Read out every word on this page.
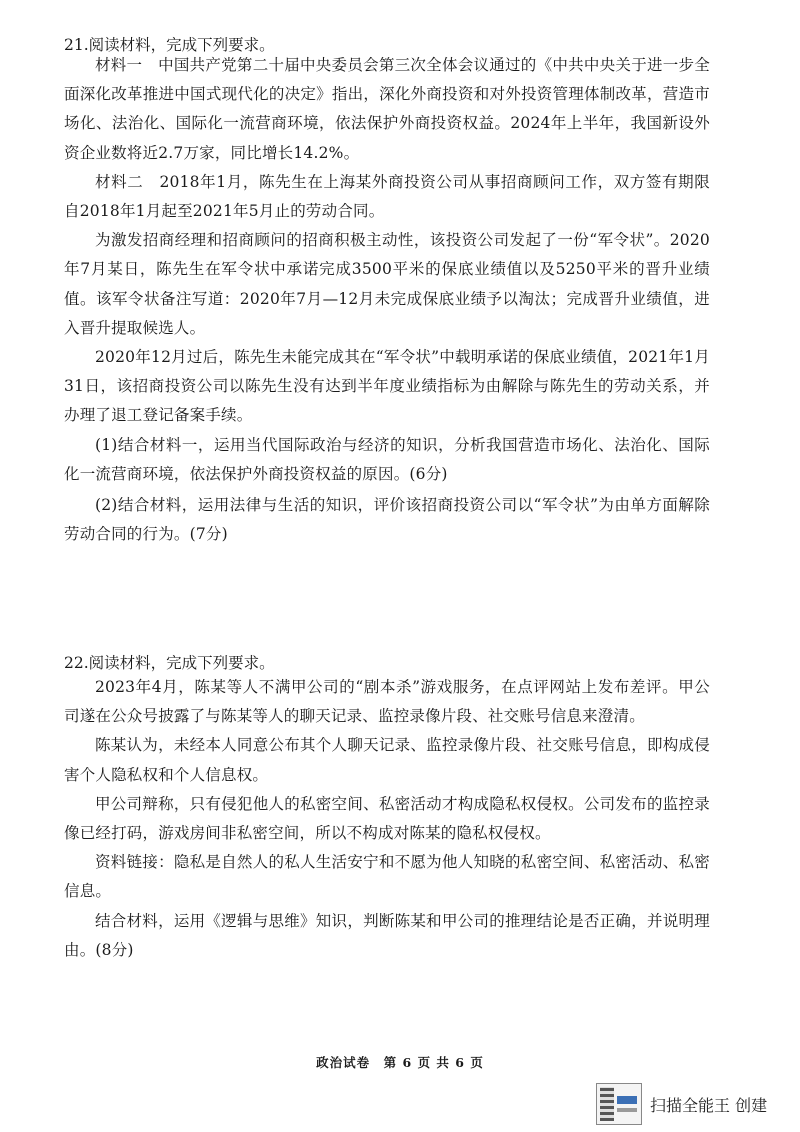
21.阅读材料，完成下列要求。

材料一　中国共产党第二十届中央委员会第三次全体会议通过的《中共中央关于进一步全面深化改革推进中国式现代化的决定》指出，深化外商投资和对外投资管理体制改革，营造市场化、法治化、国际化一流营商环境，依法保护外商投资权益。2024年上半年，我国新设外资企业数将近2.7万家，同比增长14.2%。

材料二　2018年1月，陈先生在上海某外商投资公司从事招商顾问工作，双方签有期限自2018年1月起至2021年5月止的劳动合同。

为激发招商经理和招商顾问的招商积极主动性，该投资公司发起了一份“军令状”。2020年7月某日，陈先生在军令状中承诺完成3500平米的保底业绩值以及5250平米的晋升业绩值。该军令状备注写道：2020年7月—12月未完成保底业绩予以淘汰；完成晋升业绩值，进入晋升提取候选人。

2020年12月过后，陈先生未能完成其在“军令状”中载明承诺的保底业绩值，2021年1月31日，该招商投资公司以陈先生没有达到半年度业绩指标为由解除与陈先生的劳动关系，并办理了退工登记备案手续。

(1)结合材料一，运用当代国际政治与经济的知识，分析我国营造市场化、法治化、国际化一流营商环境，依法保护外商投资权益的原因。(6分)

(2)结合材料，运用法律与生活的知识，评价该招商投资公司以“军令状”为由单方面解除劳动合同的行为。(7分)

22.阅读材料，完成下列要求。

2023年4月，陈某等人不满甲公司的“剧本杀”游戏服务，在点评网站上发布差评。甲公司遂在公众号披露了与陈某等人的聊天记录、监控录像片段、社交账号信息来澄清。

陈某认为，未经本人同意公布其个人聊天记录、监控录像片段、社交账号信息，即构成侵害个人隐私权和个人信息权。

甲公司辩称，只有侵犯他人的私密空间、私密活动才构成隐私权侵权。公司发布的监控录像已经打码，游戏房间非私密空间，所以不构成对陈某的隐私权侵权。

资料链接：隐私是自然人的私人生活安宁和不愿为他人知晓的私密空间、私密活动、私密信息。

结合材料，运用《逻辑与思维》知识，判断陈某和甲公司的推理结论是否正确，并说明理由。(8分)

政治试卷　第 6 页 共 6 页
扫描全能王 创建
